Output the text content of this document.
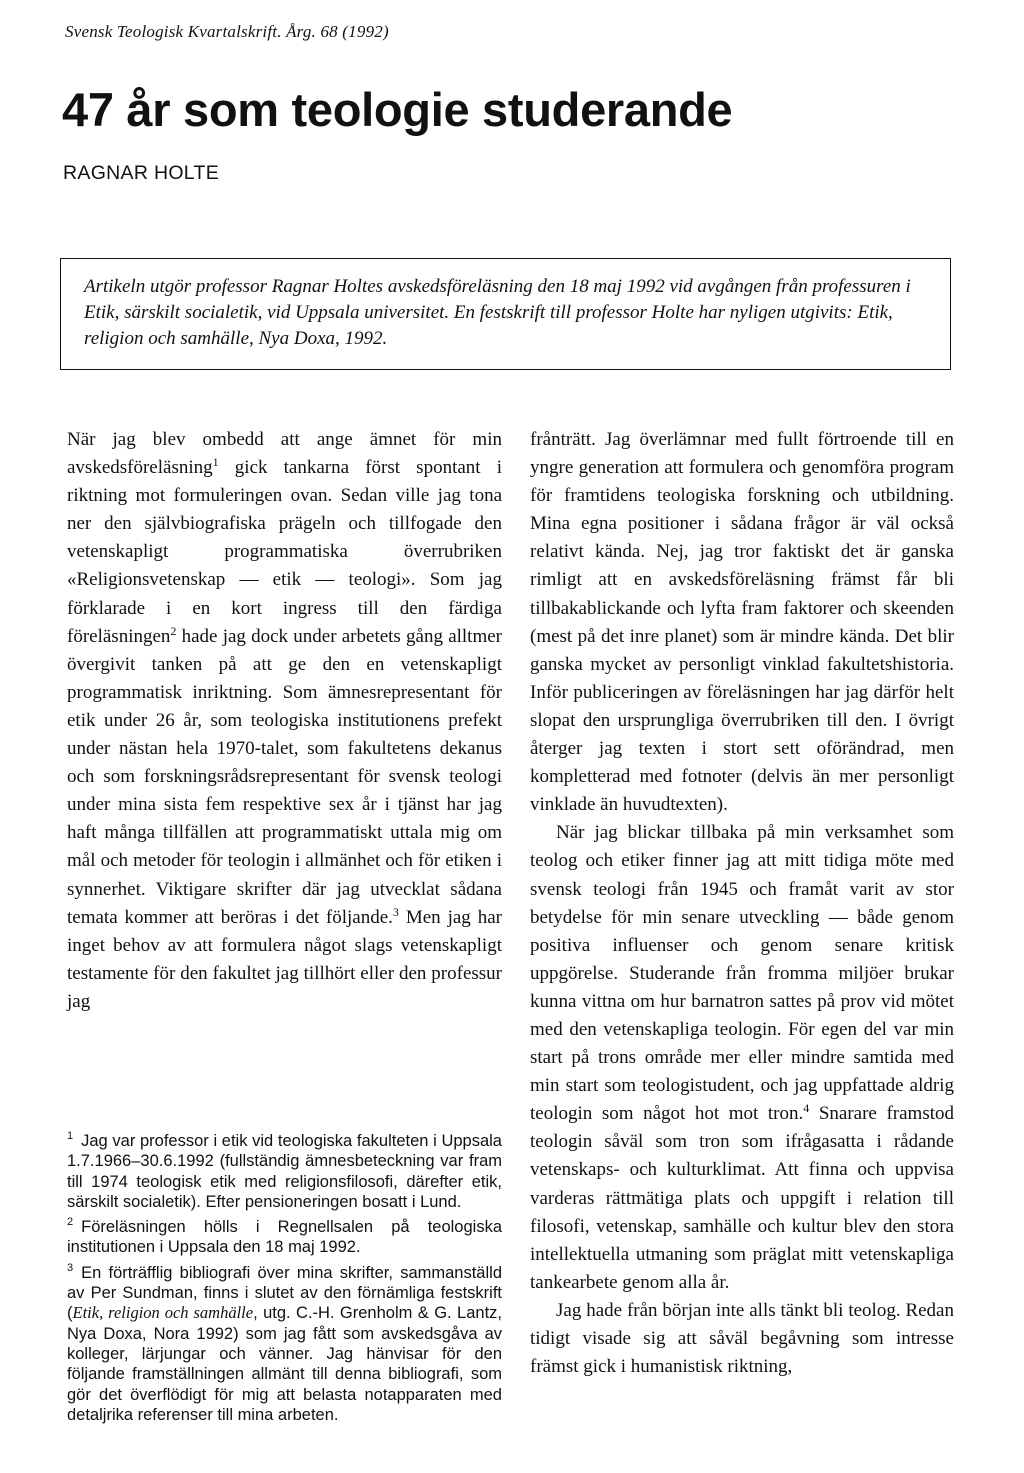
Svensk Teologisk Kvartalskrift. Årg. 68 (1992)
47 år som teologie studerande
RAGNAR HOLTE

Artikeln utgör professor Ragnar Holtes avskedsföreläsning den 18 maj 1992 vid avgången från professuren i Etik, särskilt socialetik, vid Uppsala universitet. En festskrift till professor Holte har nyligen utgivits: Etik, religion och samhälle, Nya Doxa, 1992.

När jag blev ombedd att ange ämnet för min avskedsföreläsning$^1$ gick tankarna först spontant i riktning mot formuleringen ovan. Sedan ville jag tona ner den självbiografiska prägeln och tillfogade den vetenskapligt programmatiska överrubriken «Religionsvetenskap — etik — teologi». Som jag förklarade i en kort ingress till den färdiga föreläsningen$^2$ hade jag dock under arbetets gång alltmer övergivit tanken på att ge den en vetenskapligt programmatisk inriktning. Som ämnesrepresentant för etik under 26 år, som teologiska institutionens prefekt under nästan hela 1970-talet, som fakultetens dekanus och som forskningsrådsrepresentant för svensk teologi under mina sista fem respektive sex år i tjänst har jag haft många tillfällen att programmatiskt uttala mig om mål och metoder för teologin i allmänhet och för etiken i synnerhet. Viktigare skrifter där jag utvecklat sådana temata kommer att beröras i det följande.$^3$ Men jag har inget behov av att formulera något slags vetenskapligt testamente för den fakultet jag tillhört eller den professur jag

$^1$ Jag var professor i etik vid teologiska fakulteten i Uppsala 1.7.1966–30.6.1992 (fullständig ämnesbeteckning var fram till 1974 teologisk etik med religionsfilosofi, därefter etik, särskilt socialetik). Efter pensioneringen bosatt i Lund.

$^2$ Föreläsningen hölls i Regnellsalen på teologiska institutionen i Uppsala den 18 maj 1992.

$^3$ En förträfflig bibliografi över mina skrifter, sammanställd av Per Sundman, finns i slutet av den förnämliga festskrift (Etik, religion och samhälle, utg. C.-H. Grenholm & G. Lantz, Nya Doxa, Nora 1992) som jag fått som avskedsgåva av kolleger, lärjungar och vänner. Jag hänvisar för den följande framställningen allmänt till denna bibliografi, som gör det överflödigt för mig att belasta notapparaten med detaljrika referenser till mina arbeten.

frånträtt. Jag överlämnar med fullt förtroende till en yngre generation att formulera och genomföra program för framtidens teologiska forskning och utbildning. Mina egna positioner i sådana frågor är väl också relativt kända. Nej, jag tror faktiskt det är ganska rimligt att en avskedsföreläsning främst får bli tillbakablickande och lyfta fram faktorer och skeenden (mest på det inre planet) som är mindre kända. Det blir ganska mycket av personligt vinklad fakultetshistoria. Inför publiceringen av föreläsningen har jag därför helt slopat den ursprungliga överrubriken till den. I övrigt återger jag texten i stort sett oförändrad, men kompletterad med fotnoter (delvis än mer personligt vinklade än huvudtexten).

När jag blickar tillbaka på min verksamhet som teolog och etiker finner jag att mitt tidiga möte med svensk teologi från 1945 och framåt varit av stor betydelse för min senare utveckling — både genom positiva influenser och genom senare kritisk uppgörelse. Studerande från fromma miljöer brukar kunna vittna om hur barnatron sattes på prov vid mötet med den vetenskapliga teologin. För egen del var min start på trons område mer eller mindre samtida med min start som teologistudent, och jag uppfattade aldrig teologin som något hot mot tron.$^4$ Snarare framstod teologin såväl som tron som ifrågasatta i rådande vetenskaps- och kulturklimat. Att finna och uppvisa varderas rättmätiga plats och uppgift i relation till filosofi, vetenskap, samhälle och kultur blev den stora intellektuella utmaning som präglat mitt vetenskapliga tankearbete genom alla år.

Jag hade från början inte alls tänkt bli teolog. Redan tidigt visade sig att såväl begåvning som intresse främst gick i humanistisk riktning,
